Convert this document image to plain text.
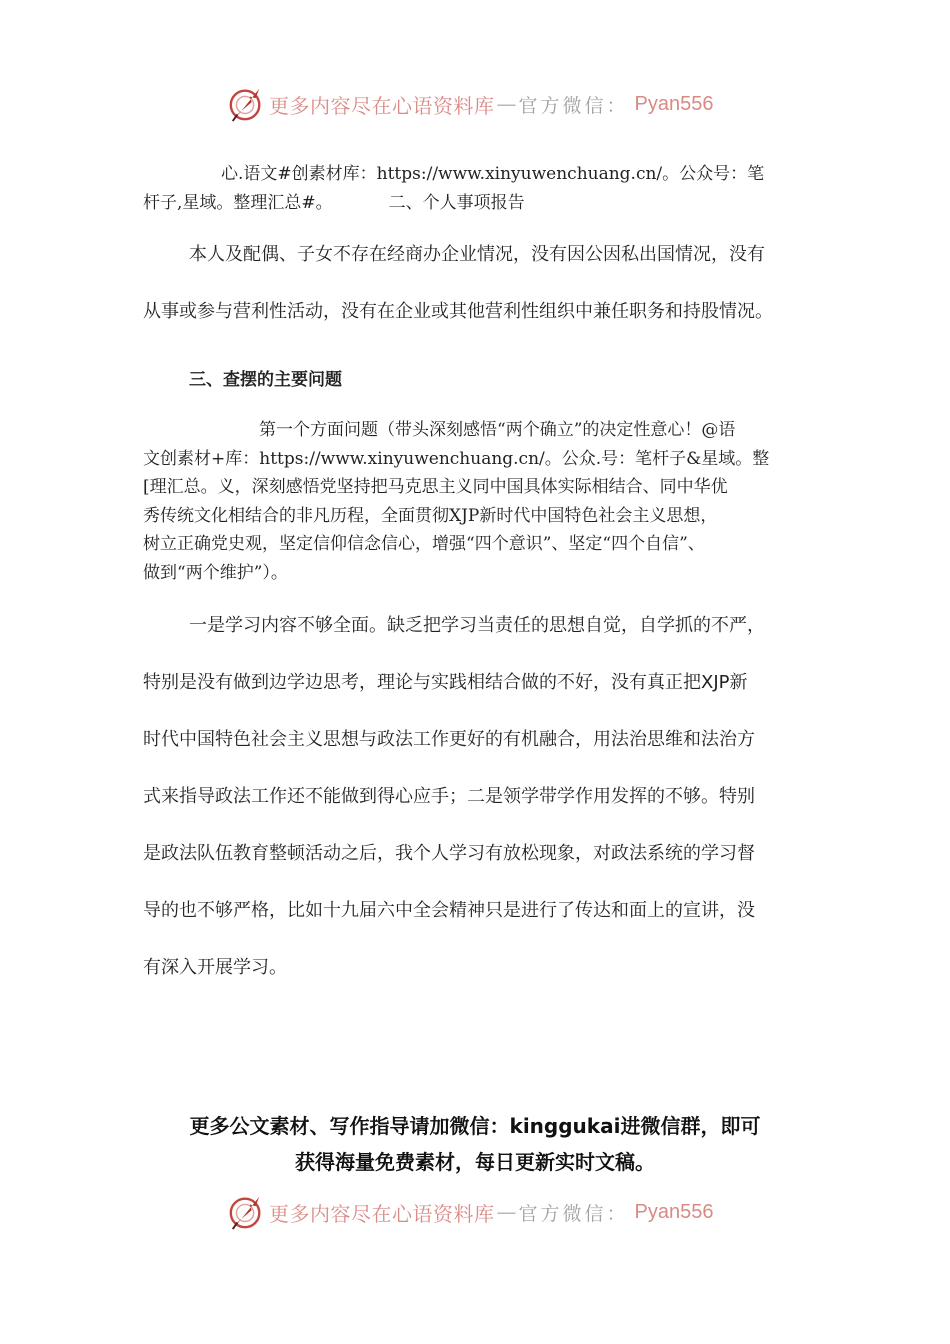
更多内容尽在心语资料库 — 官方微信： Pyan556
心.语文#创素材库：https://www.xinyuwenchuang.cn/。公众号：笔
杆子,星域。整理汇总#。	二、个人事项报告
本人及配偶、子女不存在经商办企业情况，没有因公因私出国情况，没有
从事或参与营利性活动，没有在企业或其他营利性组织中兼任职务和持股情况。
三、查摆的主要问题
第一个方面问题（带头深刻感悟“两个确立”的决定性意心！@语
文创素材+库：https://www.xinyuwenchuang.cn/。公众.号：笔杆子&星域。整
[理汇总。义，深刻感悟党坚持把马克思主义同中国具体实际相结合、同中华优
秀传统文化相结合的非凡历程，全面贯彻XJP新时代中国特色社会主义思想，
树立正确党史观，坚定信仰信念信心，增强“四个意识”、坚定“四个自信”、
做到“两个维护”）。
一是学习内容不够全面。缺乏把学习当责任的思想自觉，自学抓的不严，
特别是没有做到边学边思考，理论与实践相结合做的不好，没有真正把XJP新
时代中国特色社会主义思想与政法工作更好的有机融合，用法治思维和法治方
式来指导政法工作还不能做到得心应手；二是领学带学作用发挥的不够。特别
是政法队伍教育整顿活动之后，我个人学习有放松现象，对政法系统的学习督
导的也不够严格，比如十九届六中全会精神只是进行了传达和面上的宣讲，没
有深入开展学习。
更多公文素材、写作指导请加微信：kinggukai进微信群，即可
获得海量免费素材，每日更新实时文稿。
更多内容尽在心语资料库 — 官方微信： Pyan556
